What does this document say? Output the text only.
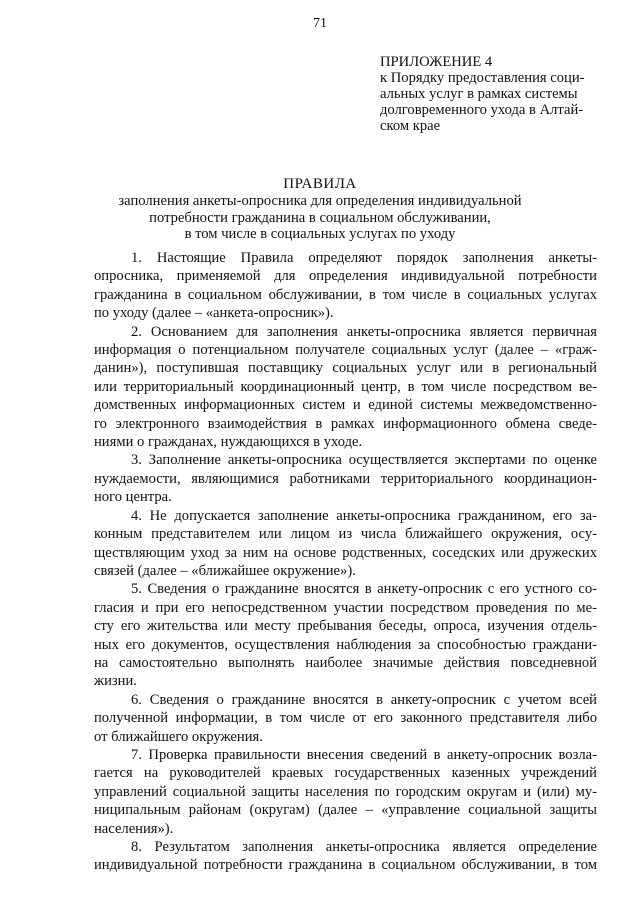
71
ПРИЛОЖЕНИЕ 4
к Порядку предоставления соци-
альных услуг в рамках системы
долговременного ухода в Алтай-
ском крае
ПРАВИЛА
заполнения анкеты-опросника для определения индивидуальной
потребности гражданина в социальном обслуживании,
в том числе в социальных услугах по уходу
1. Настоящие Правила определяют порядок заполнения анкеты-
опросника, применяемой для определения индивидуальной потребности
гражданина в социальном обслуживании, в том числе в социальных услугах
по уходу (далее – «анкета-опросник»).
2. Основанием для заполнения анкеты-опросника является первичная
информация о потенциальном получателе социальных услуг (далее – «граж-
данин»), поступившая поставщику социальных услуг или в региональный
или территориальный координационный центр, в том числе посредством ве-
домственных информационных систем и единой системы межведомственно-
го электронного взаимодействия в рамках информационного обмена сведе-
ниями о гражданах, нуждающихся в уходе.
3. Заполнение анкеты-опросника осуществляется экспертами по оценке
нуждаемости, являющимися работниками территориального координацион-
ного центра.
4. Не допускается заполнение анкеты-опросника гражданином, его за-
конным представителем или лицом из числа ближайшего окружения, осу-
ществляющим уход за ним на основе родственных, соседских или дружеских
связей (далее – «ближайшее окружение»).
5. Сведения о гражданине вносятся в анкету-опросник с его устного со-
гласия и при его непосредственном участии посредством проведения по ме-
сту его жительства или месту пребывания беседы, опроса, изучения отдель-
ных его документов, осуществления наблюдения за способностью граждани-
на самостоятельно выполнять наиболее значимые действия повседневной
жизни.
6. Сведения о гражданине вносятся в анкету-опросник с учетом всей
полученной информации, в том числе от его законного представителя либо
от ближайшего окружения.
7. Проверка правильности внесения сведений в анкету-опросник возла-
гается на руководителей краевых государственных казенных учреждений
управлений социальной защиты населения по городским округам и (или) му-
ниципальным районам (округам) (далее – «управление социальной защиты
населения»).
8. Результатом заполнения анкеты-опросника является определение
индивидуальной потребности гражданина в социальном обслуживании, в том
